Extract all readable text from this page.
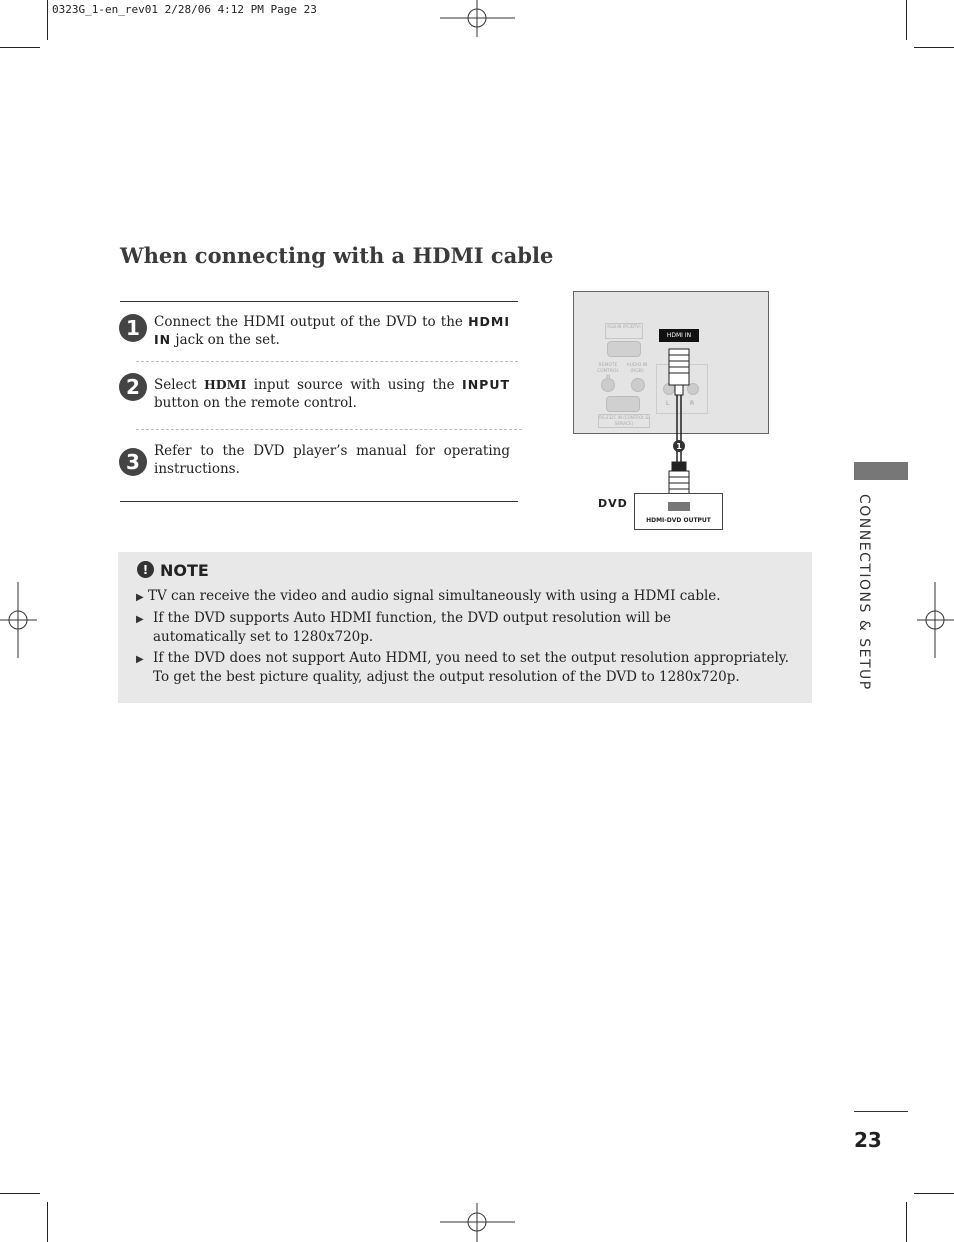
0323G_1-en_rev01 2/28/06 4:12 PM Page 23
When connecting with a HDMI cable
1	Connect the HDMI output of the DVD to the HDMI IN jack on the set.
2	Select HDMI input source with using the INPUT button on the remote control.
3	Refer to the DVD player’s manual for operating instructions.
RGB IN (PC/DTV)
REMOTE CONTROL
AUDIO IN (RGB)
RS-232C IN (CONTROL & SERVICE)
HDMI IN
L	R
1
HDMI-DVD OUTPUT
DVD	CONNECTIONS & SETUP
! NOTE
▶ TV can receive the video and audio signal simultaneously with using a HDMI cable.
▶ If the DVD supports Auto HDMI function, the DVD output resolution will be automatically set to 1280x720p.
▶ If the DVD does not support Auto HDMI, you need to set the output resolution appropriately. To get the best picture quality, adjust the output resolution of the DVD to 1280x720p.
23
